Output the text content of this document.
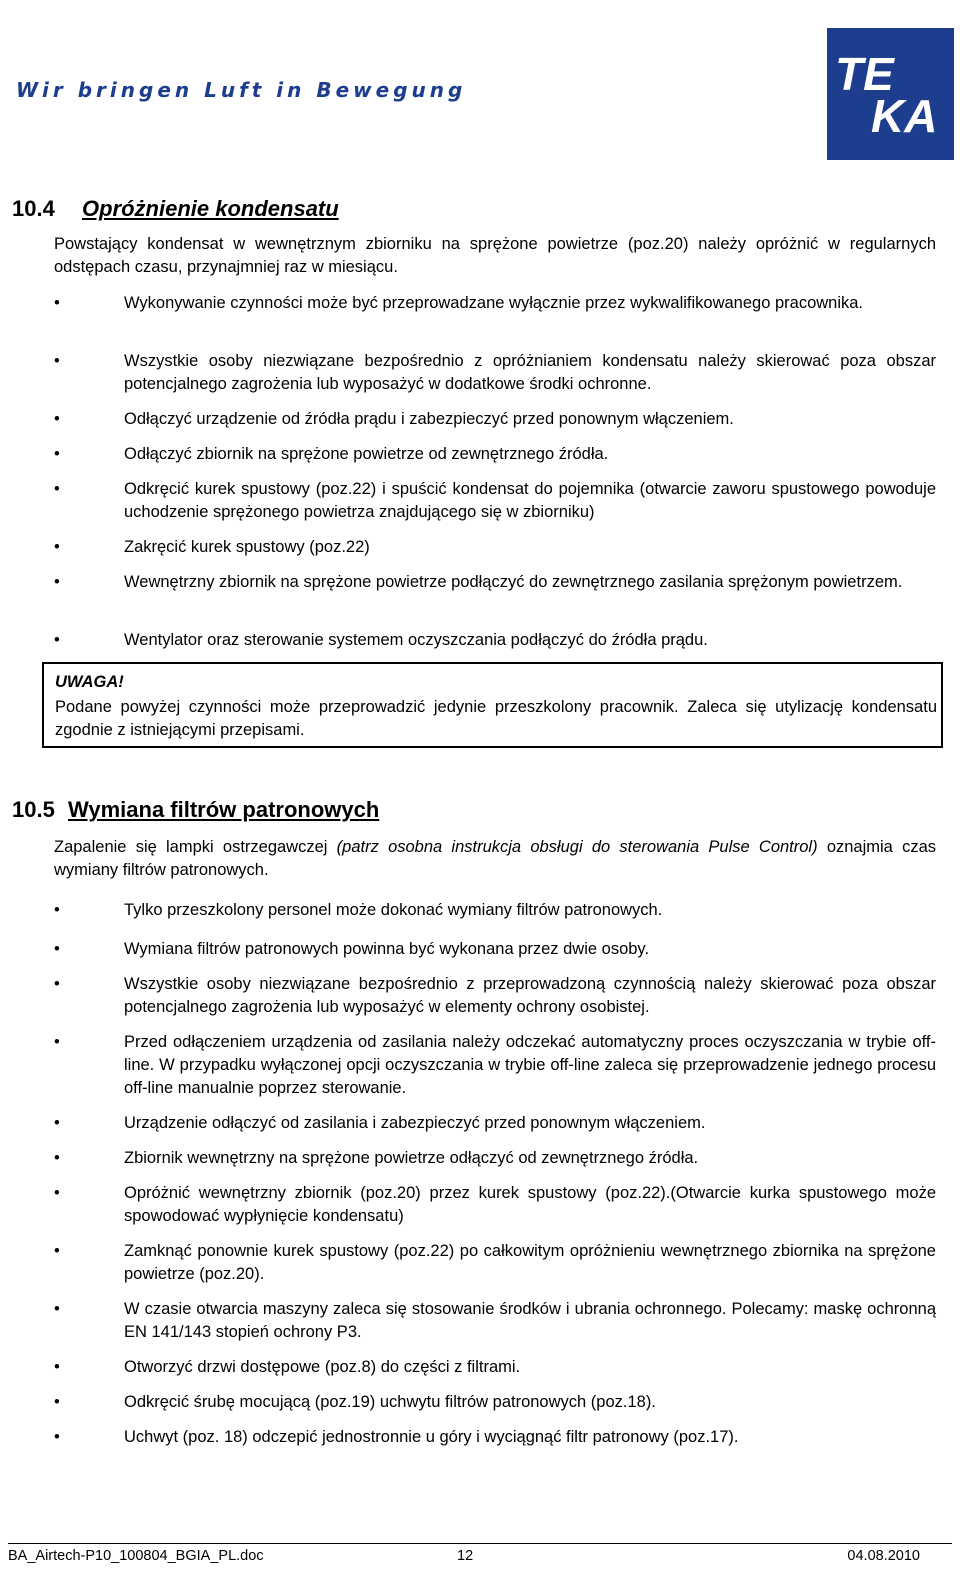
Wir bringen Luft in Bewegung	TE
KA
10.4 Opróżnienie kondensatu
Powstający kondensat w wewnętrznym zbiorniku na sprężone powietrze (poz.20) należy opróżnić w regularnych odstępach czasu, przynajmniej raz w miesiącu.
•	Wykonywanie czynności może być przeprowadzane wyłącznie przez wykwalifikowanego pracownika.
•	Wszystkie osoby niezwiązane bezpośrednio z opróżnianiem kondensatu należy skierować poza obszar potencjalnego zagrożenia lub wyposażyć w dodatkowe środki ochronne.
•	Odłączyć urządzenie od źródła prądu i zabezpieczyć przed ponownym włączeniem.
•	Odłączyć zbiornik na sprężone powietrze od zewnętrznego źródła.
•	Odkręcić kurek spustowy (poz.22) i spuścić kondensat do pojemnika (otwarcie zaworu spustowego powoduje uchodzenie sprężonego powietrza znajdującego się w zbiorniku)
•	Zakręcić kurek spustowy (poz.22)
•	Wewnętrzny zbiornik na sprężone powietrze podłączyć do zewnętrznego zasilania sprężonym powietrzem.
•	Wentylator oraz sterowanie systemem oczyszczania podłączyć do źródła prądu.
UWAGA!
Podane powyżej czynności może przeprowadzić jedynie przeszkolony pracownik. Zaleca się utylizację kondensatu zgodnie z istniejącymi przepisami.
10.5 Wymiana filtrów patronowych
Zapalenie się lampki ostrzegawczej (patrz osobna instrukcja obsługi do sterowania Pulse Control) oznajmia czas wymiany filtrów patronowych.
•	Tylko przeszkolony personel może dokonać wymiany filtrów patronowych.
•	Wymiana filtrów patronowych powinna być wykonana przez dwie osoby.
•	Wszystkie osoby niezwiązane bezpośrednio z przeprowadzoną czynnością należy skierować poza obszar potencjalnego zagrożenia lub wyposażyć w elementy ochrony osobistej.
•	Przed odłączeniem urządzenia od zasilania należy odczekać automatyczny proces oczyszczania w trybie off-line. W przypadku wyłączonej opcji oczyszczania w trybie off-line zaleca się przeprowadzenie jednego procesu off-line manualnie poprzez sterowanie.
•	Urządzenie odłączyć od zasilania i zabezpieczyć przed ponownym włączeniem.
•	Zbiornik wewnętrzny na sprężone powietrze odłączyć od zewnętrznego źródła.
•	Opróżnić wewnętrzny zbiornik (poz.20) przez kurek spustowy (poz.22).(Otwarcie kurka spustowego może spowodować wypłynięcie kondensatu)
•	Zamknąć ponownie kurek spustowy (poz.22) po całkowitym opróżnieniu wewnętrznego zbiornika na sprężone powietrze (poz.20).
•	W czasie otwarcia maszyny zaleca się stosowanie środków i ubrania ochronnego. Polecamy: maskę ochronną EN 141/143 stopień ochrony P3.
•	Otworzyć drzwi dostępowe (poz.8) do części z filtrami.
•	Odkręcić śrubę mocującą (poz.19) uchwytu filtrów patronowych (poz.18).
•	Uchwyt (poz. 18) odczepić jednostronnie u góry i wyciągnąć filtr patronowy (poz.17).
BA_Airtech-P10_100804_BGIA_PL.doc	12	04.08.2010
